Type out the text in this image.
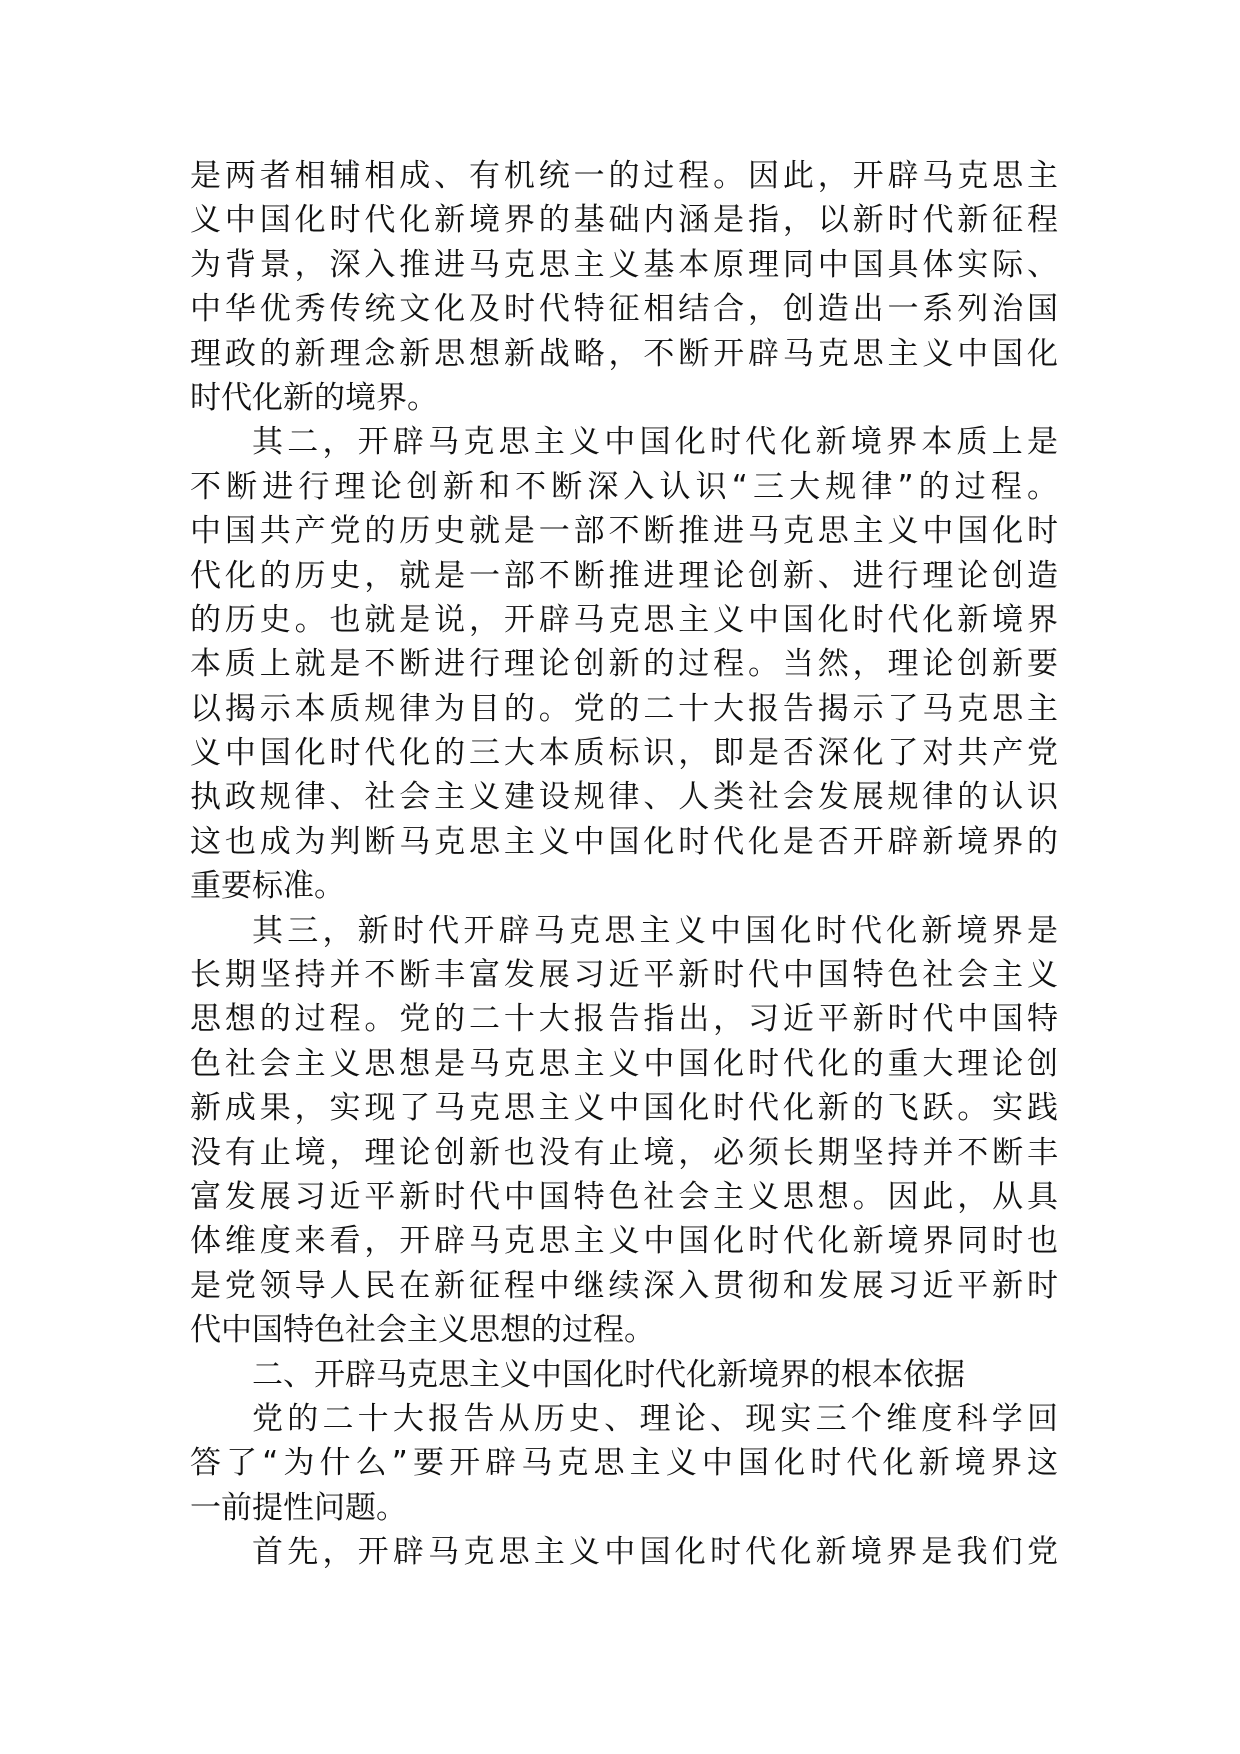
是两者相辅相成、有机统一的过程。因此，开辟马克思主
义中国化时代化新境界的基础内涵是指，以新时代新征程
为背景，深入推进马克思主义基本原理同中国具体实际、
中华优秀传统文化及时代特征相结合，创造出一系列治国
理政的新理念新思想新战略，不断开辟马克思主义中国化
时代化新的境界。
其二，开辟马克思主义中国化时代化新境界本质上是
不断进行理论创新和不断深入认识“三大规律”的过程。
中国共产党的历史就是一部不断推进马克思主义中国化时
代化的历史，就是一部不断推进理论创新、进行理论创造
的历史。也就是说，开辟马克思主义中国化时代化新境界
本质上就是不断进行理论创新的过程。当然，理论创新要
以揭示本质规律为目的。党的二十大报告揭示了马克思主
义中国化时代化的三大本质标识，即是否深化了对共产党
执政规律、社会主义建设规律、人类社会发展规律的认识
这也成为判断马克思主义中国化时代化是否开辟新境界的
重要标准。
其三，新时代开辟马克思主义中国化时代化新境界是
长期坚持并不断丰富发展习近平新时代中国特色社会主义
思想的过程。党的二十大报告指出，习近平新时代中国特
色社会主义思想是马克思主义中国化时代化的重大理论创
新成果，实现了马克思主义中国化时代化新的飞跃。实践
没有止境，理论创新也没有止境，必须长期坚持并不断丰
富发展习近平新时代中国特色社会主义思想。因此，从具
体维度来看，开辟马克思主义中国化时代化新境界同时也
是党领导人民在新征程中继续深入贯彻和发展习近平新时
代中国特色社会主义思想的过程。
二、开辟马克思主义中国化时代化新境界的根本依据
党的二十大报告从历史、理论、现实三个维度科学回
答了“为什么”要开辟马克思主义中国化时代化新境界这
一前提性问题。
首先，开辟马克思主义中国化时代化新境界是我们党
